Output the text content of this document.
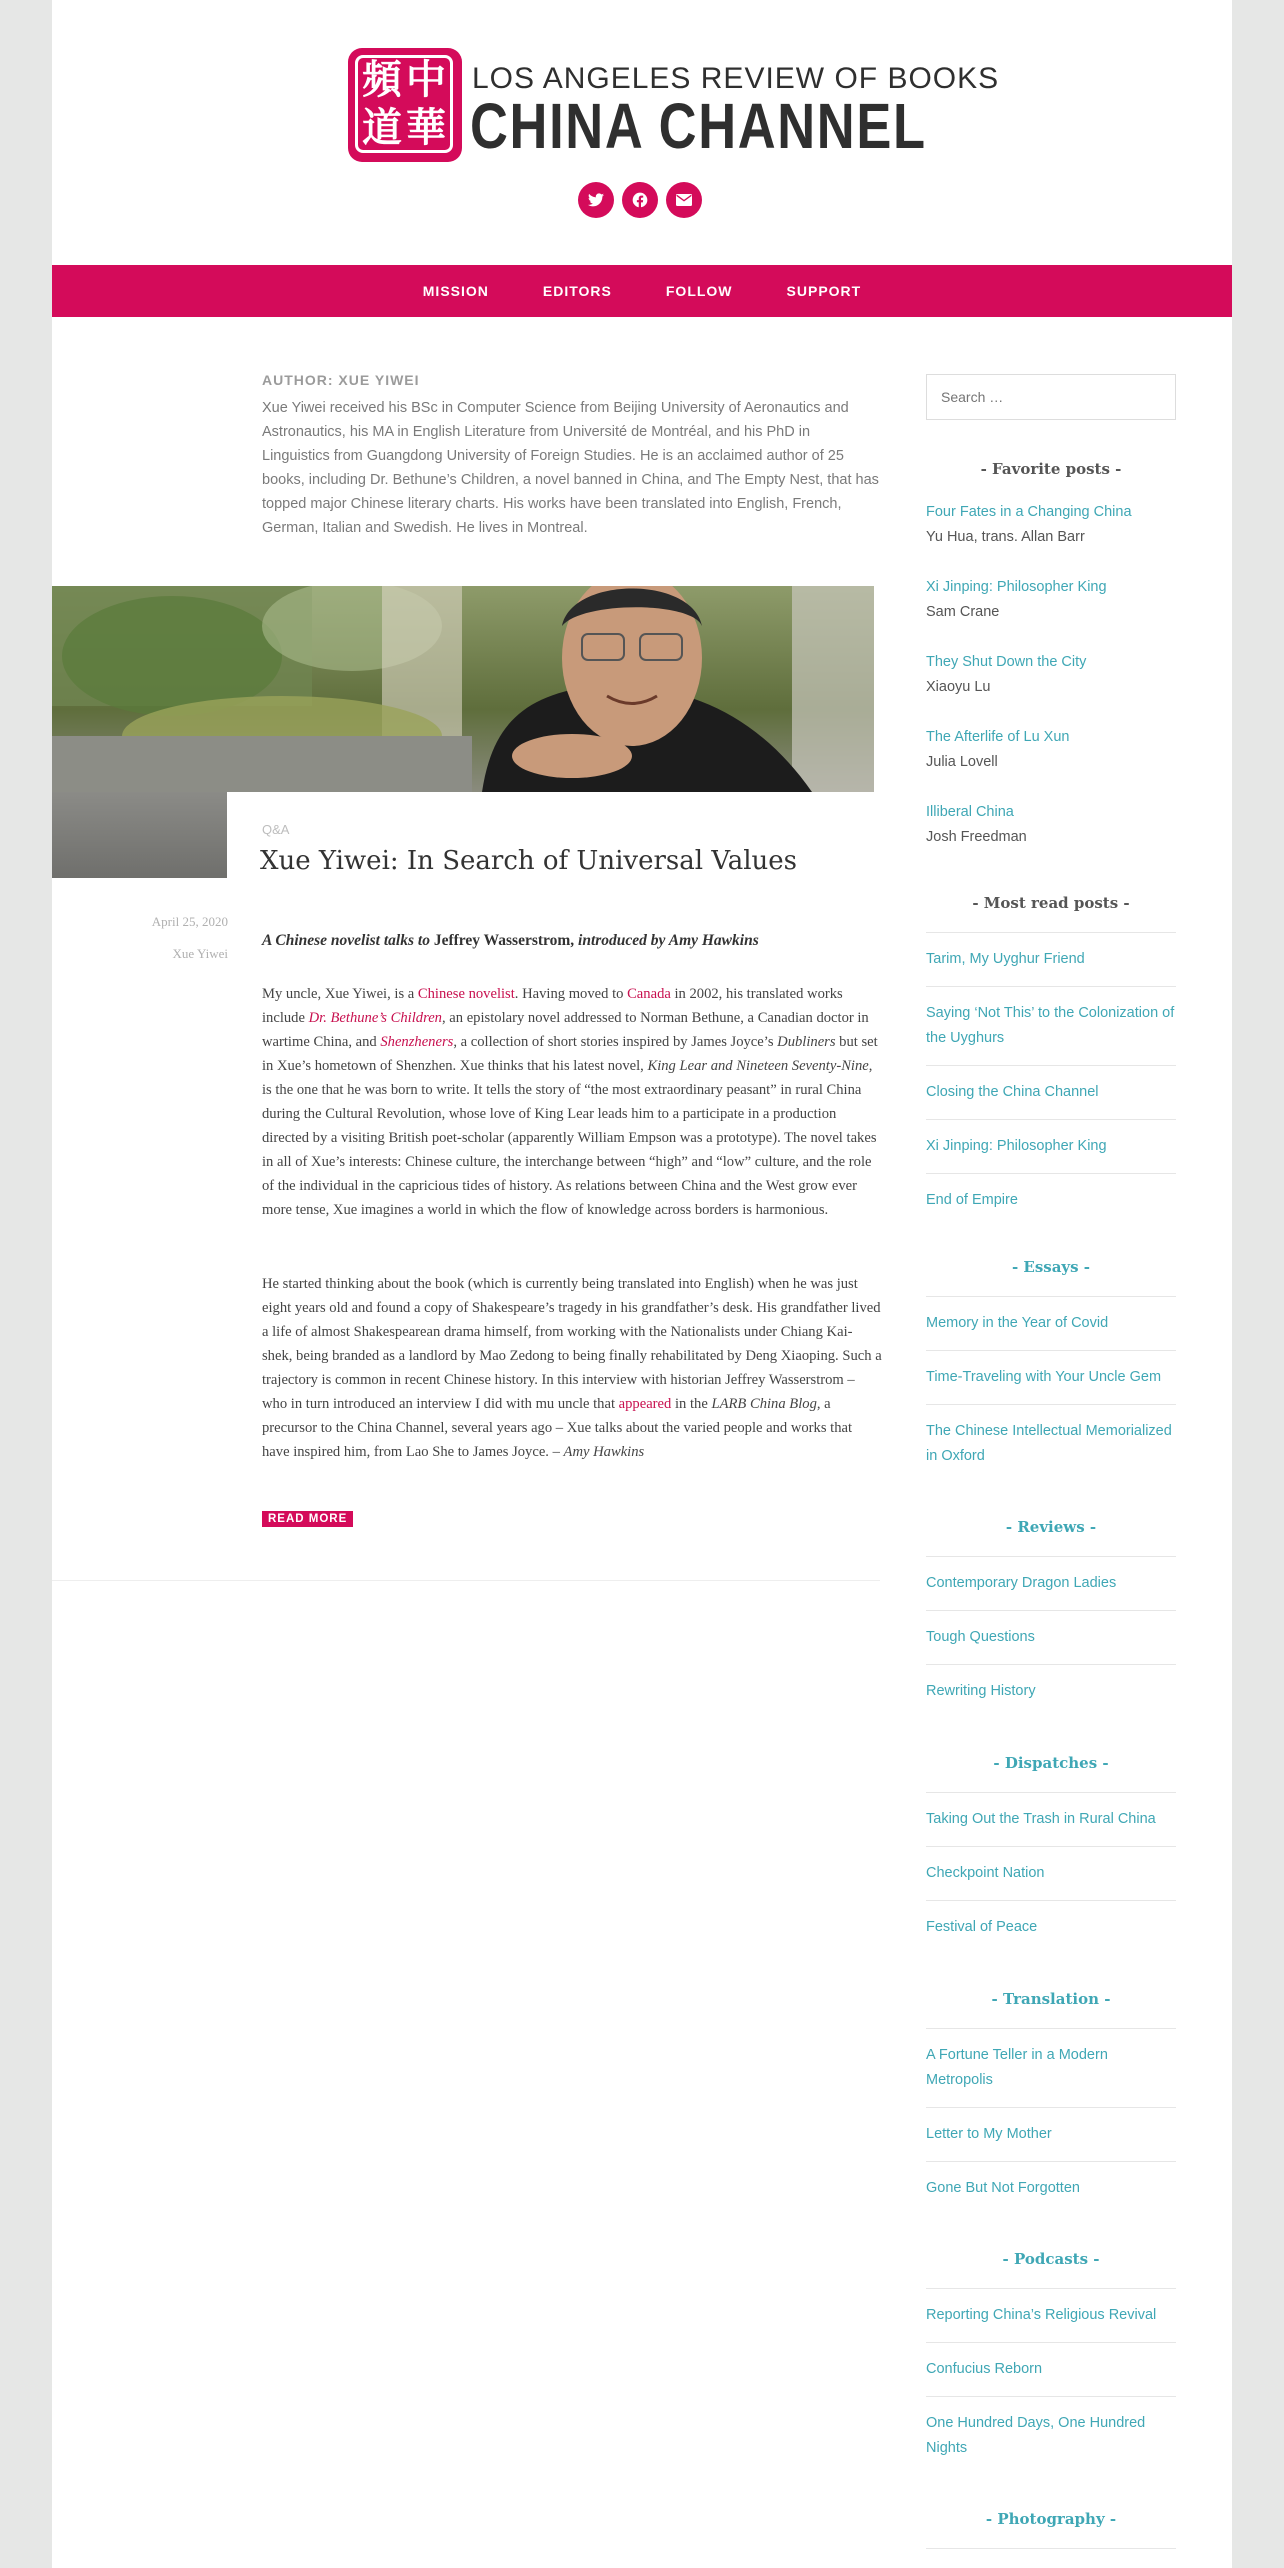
中
華
頻
道
LOS ANGELES REVIEW OF BOOKS
CHINA CHANNEL
MISSION	EDITORS	FOLLOW	SUPPORT
AUTHOR: XUE YIWEI
Xue Yiwei received his BSc in Computer Science from Beijing University of Aeronautics and Astronautics, his MA in English Literature from Université de Montréal, and his PhD in Linguistics from Guangdong University of Foreign Studies. He is an acclaimed author of 25 books, including Dr. Bethune’s Children, a novel banned in China, and The Empty Nest, that has topped major Chinese literary charts. His works have been translated into English, French, German, Italian and Swedish. He lives in Montreal.
Q&A
Xue Yiwei: In Search of Universal Values
April 25, 2020
Xue Yiwei
A Chinese novelist talks to Jeffrey Wasserstrom, introduced by Amy Hawkins
My uncle, Xue Yiwei, is a Chinese novelist. Having moved to Canada in 2002, his translated works include Dr. Bethune’s Children, an epistolary novel addressed to Norman Bethune, a Canadian doctor in wartime China, and Shenzheners, a collection of short stories inspired by James Joyce’s Dubliners but set in Xue’s hometown of Shenzhen. Xue thinks that his latest novel, King Lear and Nineteen Seventy-Nine, is the one that he was born to write. It tells the story of “the most extraordinary peasant” in rural China during the Cultural Revolution, whose love of King Lear leads him to a participate in a production directed by a visiting British poet-scholar (apparently William Empson was a prototype). The novel takes in all of Xue’s interests: Chinese culture, the interchange between “high” and “low” culture, and the role of the individual in the capricious tides of history. As relations between China and the West grow ever more tense, Xue imagines a world in which the flow of knowledge across borders is harmonious.
He started thinking about the book (which is currently being translated into English) when he was just eight years old and found a copy of Shakespeare’s tragedy in his grandfather’s desk. His grandfather lived a life of almost Shakespearean drama himself, from working with the Nationalists under Chiang Kai-shek, being branded as a landlord by Mao Zedong to being finally rehabilitated by Deng Xiaoping. Such a trajectory is common in recent Chinese history. In this interview with historian Jeffrey Wasserstrom – who in turn introduced an interview I did with mu uncle that appeared in the LARB China Blog, a precursor to the China Channel, several years ago – Xue talks about the varied people and works that have inspired him, from Lao She to James Joyce. – Amy Hawkins
READ MORE
Search …
- Favorite posts -
Four Fates in a Changing China
Yu Hua, trans. Allan Barr
Xi Jinping: Philosopher King
Sam Crane
They Shut Down the City
Xiaoyu Lu
The Afterlife of Lu Xun
Julia Lovell
Illiberal China
Josh Freedman
- Most read posts -
Tarim, My Uyghur Friend
Saying ‘Not This’ to the Colonization of the Uyghurs
Closing the China Channel
Xi Jinping: Philosopher King
End of Empire
- Essays -
Memory in the Year of Covid
Time-Traveling with Your Uncle Gem
The Chinese Intellectual Memorialized in Oxford
- Reviews -
Contemporary Dragon Ladies
Tough Questions
Rewriting History
- Dispatches -
Taking Out the Trash in Rural China
Checkpoint Nation
Festival of Peace
- Translation -
A Fortune Teller in a Modern Metropolis
Letter to My Mother
Gone But Not Forgotten
- Podcasts -
Reporting China’s Religious Revival
Confucius Reborn
One Hundred Days, One Hundred Nights
- Photography -
